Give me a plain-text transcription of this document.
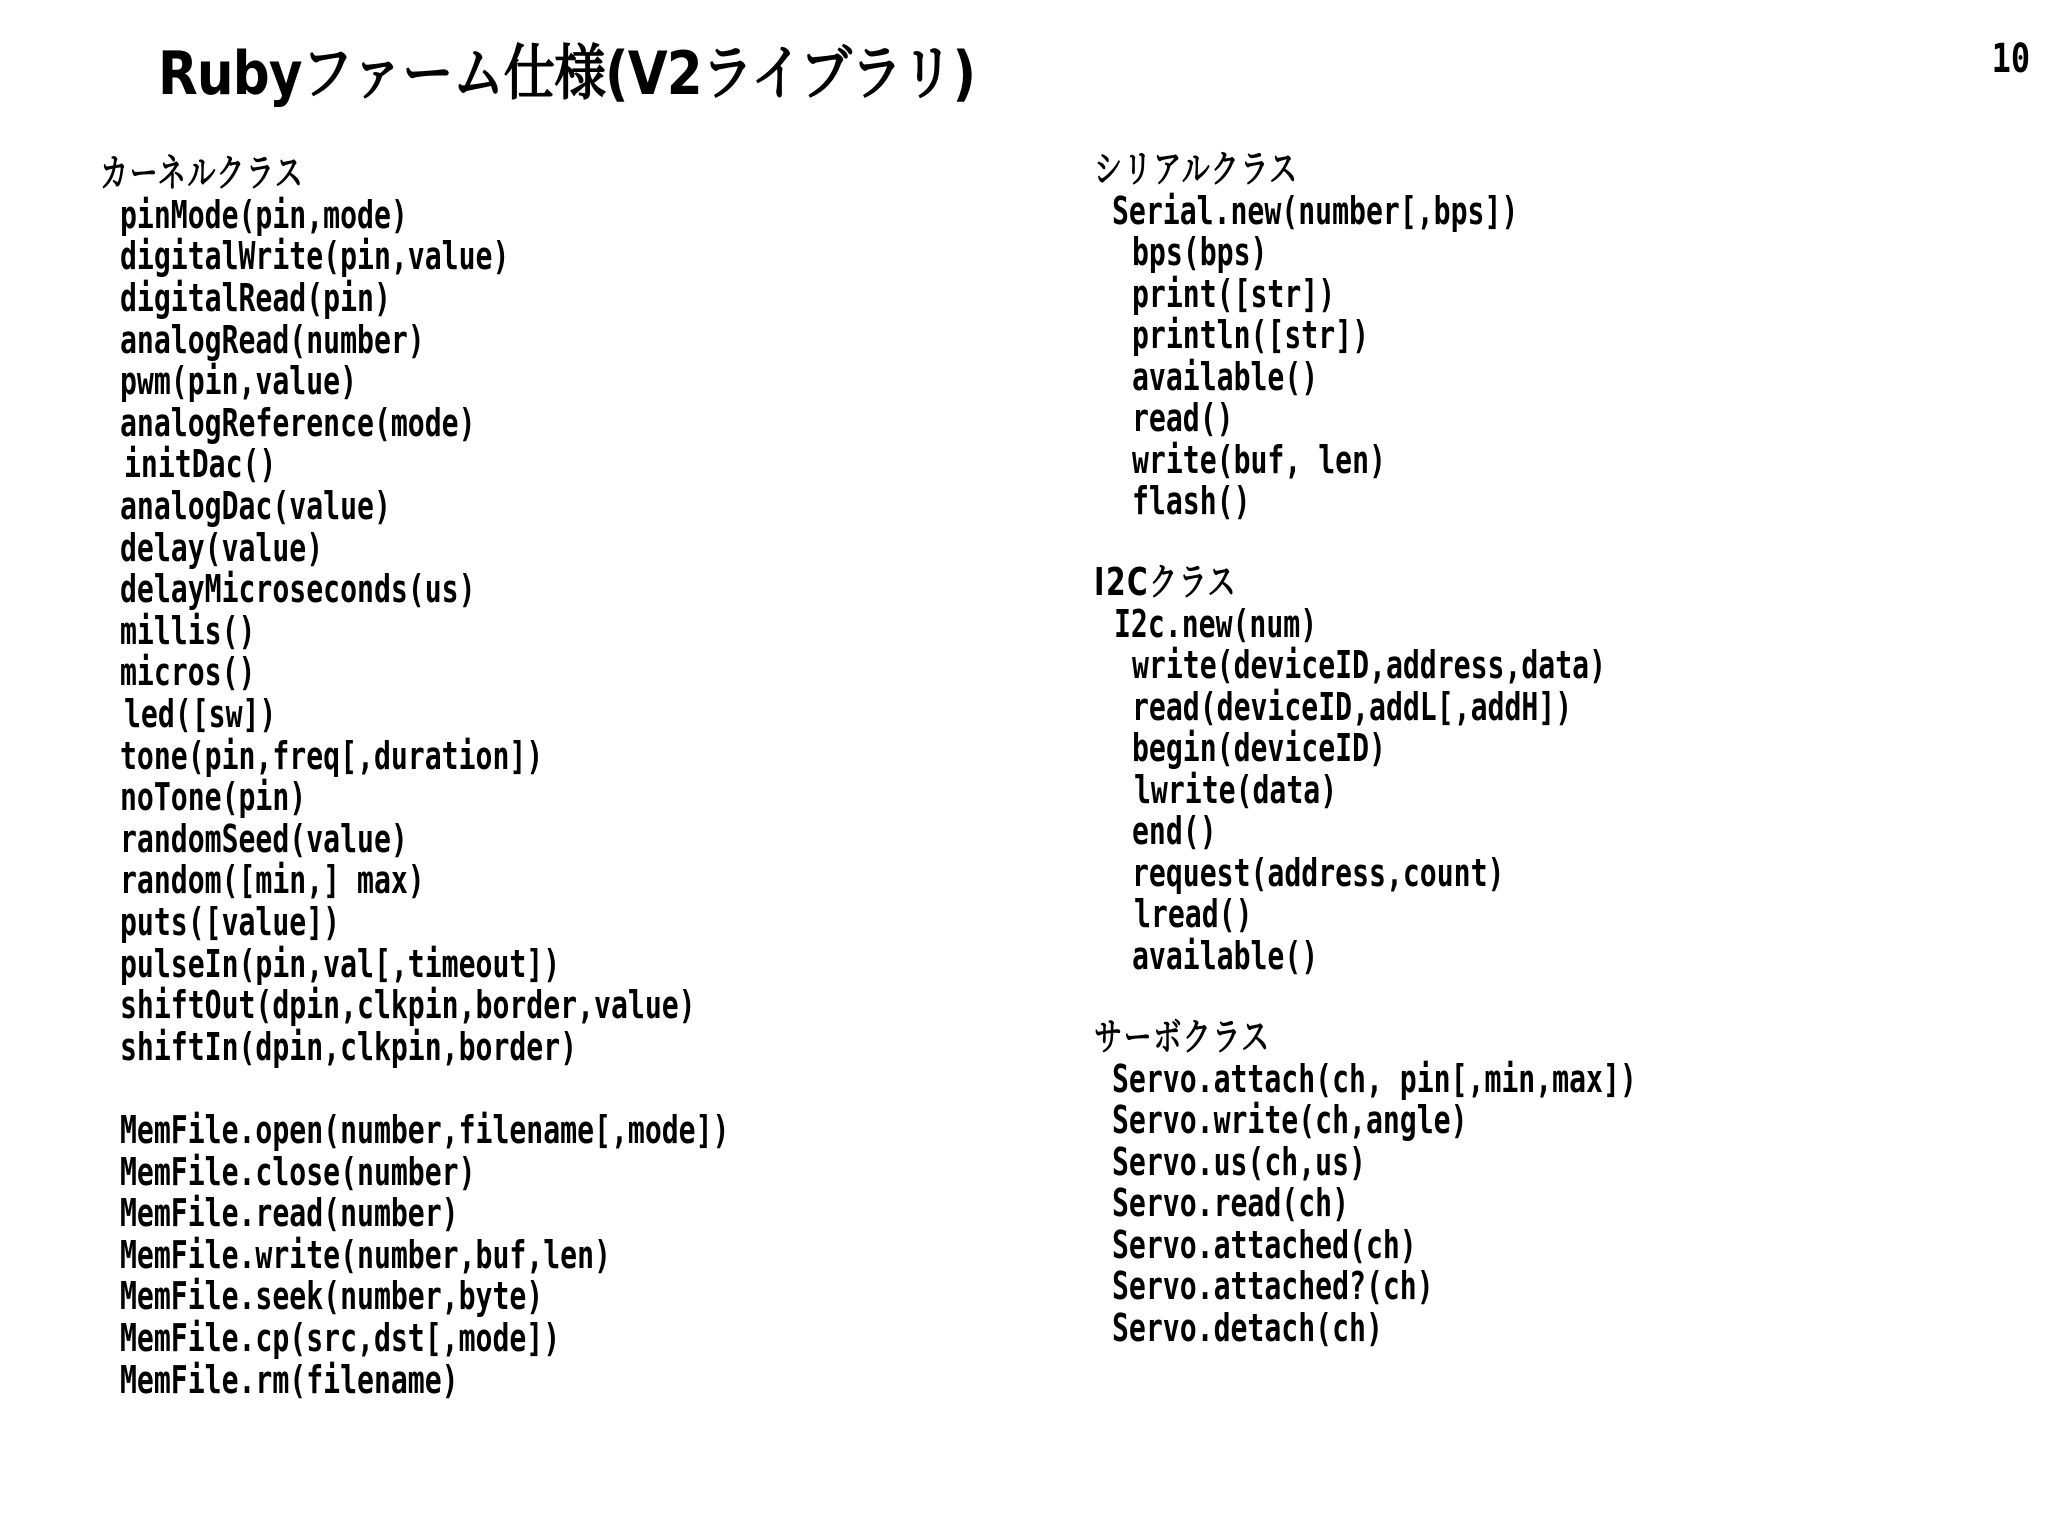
Rubyファーム仕様(V2ライブラリ)	10
カーネルクラス
pinMode(pin,mode)
digitalWrite(pin,value)
digitalRead(pin)
analogRead(number)
pwm(pin,value)
analogReference(mode)
initDac()
analogDac(value)
delay(value)
delayMicroseconds(us)
millis()
micros()
led([sw])
tone(pin,freq[,duration])
noTone(pin)
randomSeed(value)
random([min,] max)
puts([value])
pulseIn(pin,val[,timeout])
shiftOut(dpin,clkpin,border,value)
shiftIn(dpin,clkpin,border)
MemFile.open(number,filename[,mode])
MemFile.close(number)
MemFile.read(number)
MemFile.write(number,buf,len)
MemFile.seek(number,byte)
MemFile.cp(src,dst[,mode])
MemFile.rm(filename)
シリアルクラス
Serial.new(number[,bps])
bps(bps)
print([str])
println([str])
available()
read()
write(buf, len)
flash()
I2Cクラス
I2c.new(num)
write(deviceID,address,data)
read(deviceID,addL[,addH])
begin(deviceID)
lwrite(data)
end()
request(address,count)
lread()
available()
サーボクラス
Servo.attach(ch, pin[,min,max])
Servo.write(ch,angle)
Servo.us(ch,us)
Servo.read(ch)
Servo.attached(ch)
Servo.attached?(ch)
Servo.detach(ch)
